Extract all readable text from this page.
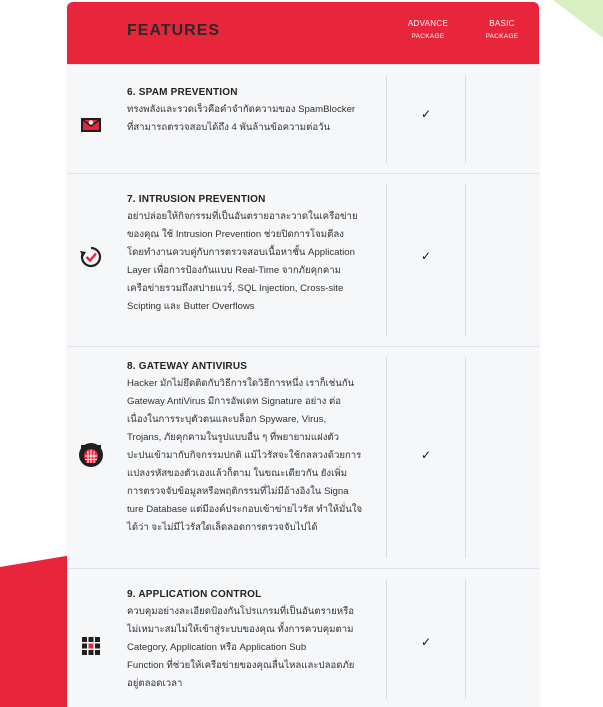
FEATURES	ADVANCE
PACKAGE
BASIC
PACKAGE
6. SPAM PREVENTION

ทรงพลังและรวดเร็วคือคำจำกัดความของ SpamBlocker
ที่สามารถตรวจสอบได้ถึง 4 พันล้านข้อความต่อวัน

✓
7. INTRUSION PREVENTION

อย่าปล่อยให้กิจกรรมที่เป็นอันตรายอาละวาดในเครือข่าย
ของคุณ ใช้ Intrusion Prevention ช่วยปิดการโจมตีลง
โดยทำงานควบคู่กับการตรวจสอบเนื้อหาชั้น Application
Layer เพื่อการป้องกันแบบ Real-Time จากภัยคุกคาม
เครือข่ายรวมถึงสปายแวร์, SQL Injection, Cross-site
Scipting และ Butter Overflows

✓
8. GATEWAY ANTIVIRUS

Hacker มักไม่ยึดติดกับวิธีการใดวิธีการหนึ่ง เราก็เช่นกัน
Gateway AntiVirus มีการอัพเดท Signature อย่าง ต่อ
เนื่องในการระบุตัวตนและบล็อก Spyware, Virus,
Trojans, ภัยคุกคามในรูปแบบอื่น ๆ ที่พยายามแฝงตัว
ปะปนเข้ามากับกิจกรรมปกติ แม้ไวรัสจะใช้กลลวงด้วยการ
แปลงรหัสของตัวเองแล้วก็ตาม ในขณะเดียวกัน ยังเพิ่ม
การตรวจจับข้อมูลหรือพฤติกรรมที่ไม่มีอ้างอิงใน Signa
ture Database แต่มีองค์ประกอบเข้าข่ายไวรัส ทำให้มั่นใจ
ได้ว่า จะไม่มีไวรัสใดเล็ดลอดการตรวจจับไปได้

✓
9. APPLICATION CONTROL

ควบคุมอย่างละเอียดป้องกันโปรแกรมที่เป็นอันตรายหรือ
ไม่เหมาะสมไม่ให้เข้าสู่ระบบของคุณ ทั้งการควบคุมตาม
Category, Application หรือ Application Sub
Function ที่ช่วยให้เครือข่ายของคุณลื่นไหลและปลอดภัย
อยู่ตลอดเวลา

✓
